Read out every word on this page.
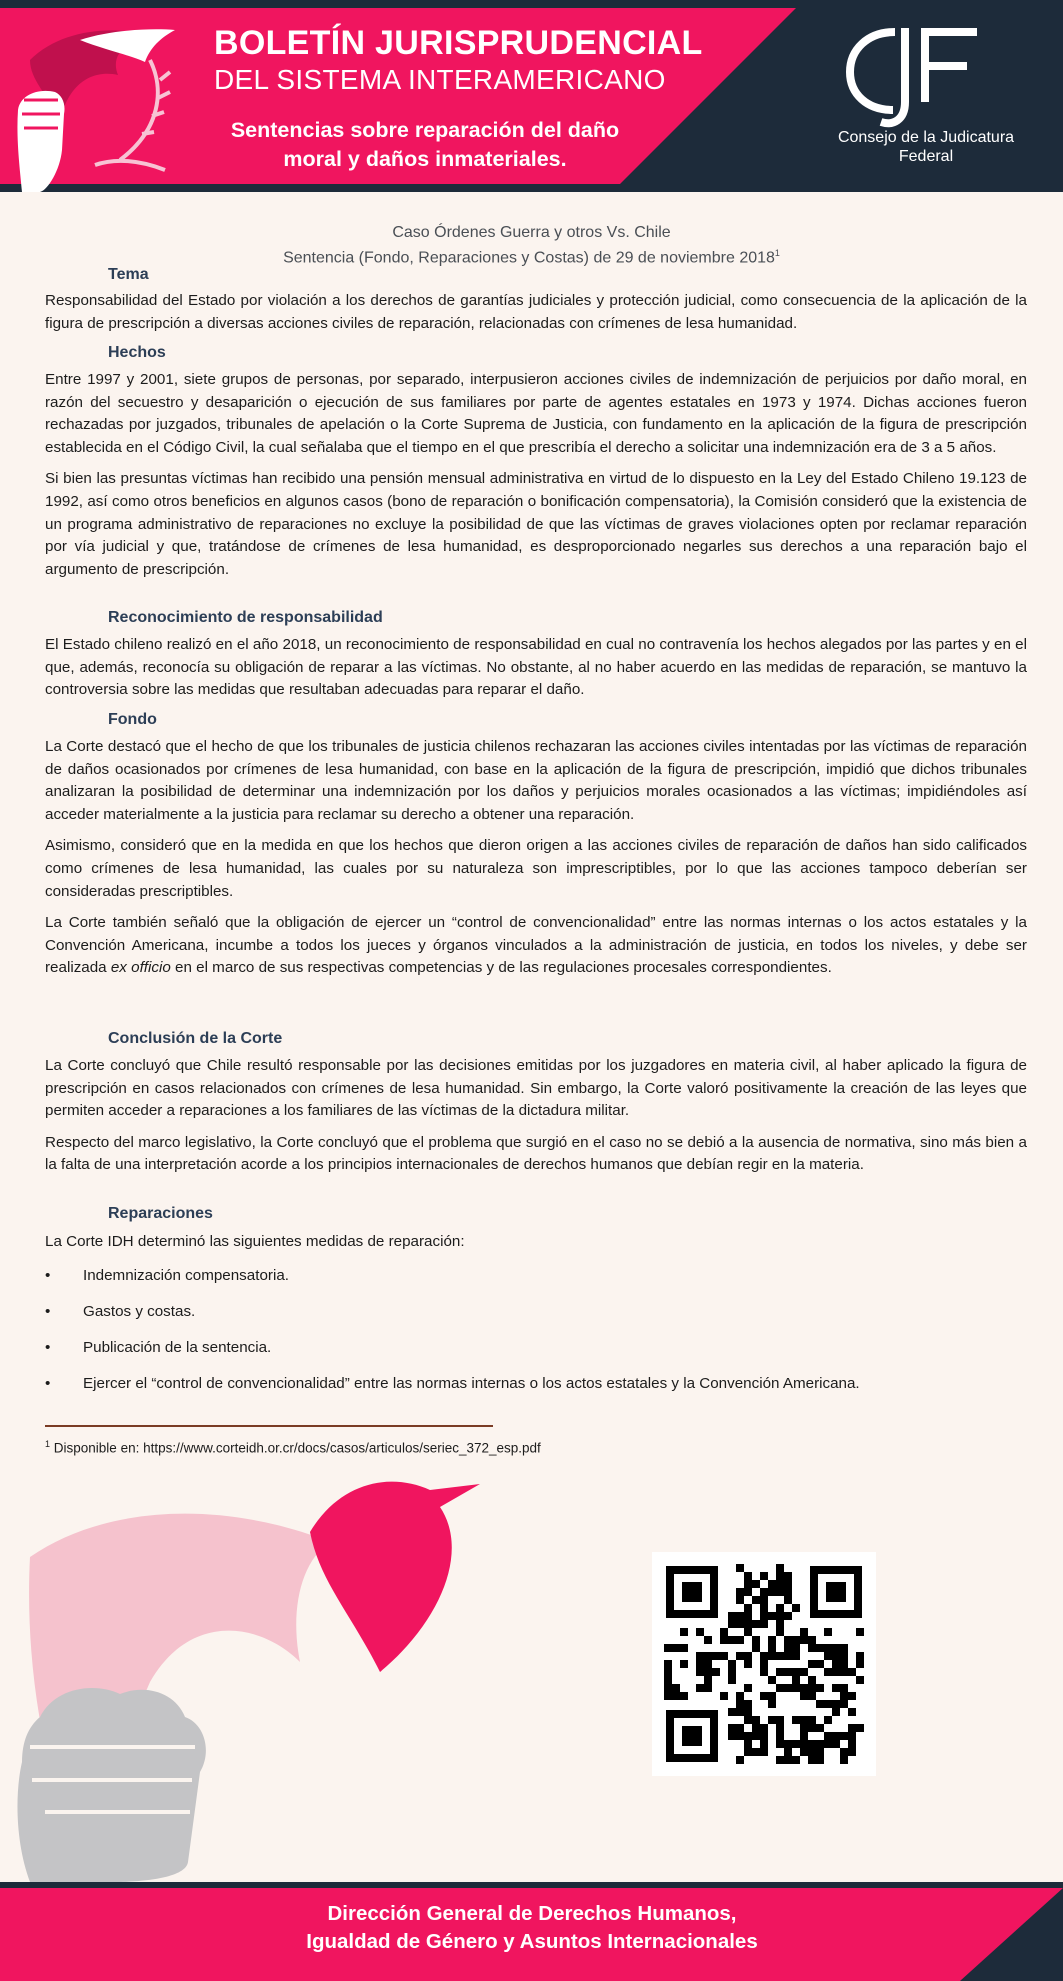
BOLETÍN JURISPRUDENCIAL
DEL SISTEMA INTERAMERICANO
Sentencias sobre reparación del daño moral y daños inmateriales.
CJF
Consejo de la Judicatura Federal
Caso Órdenes Guerra y otros Vs. Chile
Sentencia (Fondo, Reparaciones y Costas) de 29 de noviembre 2018$^1$
Tema

Responsabilidad del Estado por violación a los derechos de garantías judiciales y protección judicial, como consecuencia de la aplicación de la figura de prescripción a diversas acciones civiles de reparación, relacionadas con crímenes de lesa humanidad.

Hechos

Entre 1997 y 2001, siete grupos de personas, por separado, interpusieron acciones civiles de indemnización de perjuicios por daño moral, en razón del secuestro y desaparición o ejecución de sus familiares por parte de agentes estatales en 1973 y 1974. Dichas acciones fueron rechazadas por juzgados, tribunales de apelación o la Corte Suprema de Justicia, con fundamento en la aplicación de la figura de prescripción establecida en el Código Civil, la cual señalaba que el tiempo en el que prescribía el derecho a solicitar una indemnización era de 3 a 5 años.

Si bien las presuntas víctimas han recibido una pensión mensual administrativa en virtud de lo dispuesto en la Ley del Estado Chileno 19.123 de 1992, así como otros beneficios en algunos casos (bono de reparación o bonificación compensatoria), la Comisión consideró que la existencia de un programa administrativo de reparaciones no excluye la posibilidad de que las víctimas de graves violaciones opten por reclamar reparación por vía judicial y que, tratándose de crímenes de lesa humanidad, es desproporcionado negarles sus derechos a una reparación bajo el argumento de prescripción.

Reconocimiento de responsabilidad

El Estado chileno realizó en el año 2018, un reconocimiento de responsabilidad en cual no contravenía los hechos alegados por las partes y en el que, además, reconocía su obligación de reparar a las víctimas. No obstante, al no haber acuerdo en las medidas de reparación, se mantuvo la controversia sobre las medidas que resultaban adecuadas para reparar el daño.

Fondo

La Corte destacó que el hecho de que los tribunales de justicia chilenos rechazaran las acciones civiles intentadas por las víctimas de reparación de daños ocasionados por crímenes de lesa humanidad, con base en la aplicación de la figura de prescripción, impidió que dichos tribunales analizaran la posibilidad de determinar una indemnización por los daños y perjuicios morales ocasionados a las víctimas; impidiéndoles así acceder materialmente a la justicia para reclamar su derecho a obtener una reparación.

Asimismo, consideró que en la medida en que los hechos que dieron origen a las acciones civiles de reparación de daños han sido calificados como crímenes de lesa humanidad, las cuales por su naturaleza son imprescriptibles, por lo que las acciones tampoco deberían ser consideradas prescriptibles.

La Corte también señaló que la obligación de ejercer un “control de convencionalidad” entre las normas internas o los actos estatales y la Convención Americana, incumbe a todos los jueces y órganos vinculados a la administración de justicia, en todos los niveles, y debe ser realizada ex officio en el marco de sus respectivas competencias y de las regulaciones procesales correspondientes.

Conclusión de la Corte

La Corte concluyó que Chile resultó responsable por las decisiones emitidas por los juzgadores en materia civil, al haber aplicado la figura de prescripción en casos relacionados con crímenes de lesa humanidad. Sin embargo, la Corte valoró positivamente la creación de las leyes que permiten acceder a reparaciones a los familiares de las víctimas de la dictadura militar.

Respecto del marco legislativo, la Corte concluyó que el problema que surgió en el caso no se debió a la ausencia de normativa, sino más bien a la falta de una interpretación acorde a los principios internacionales de derechos humanos que debían regir en la materia.

Reparaciones

La Corte IDH determinó las siguientes medidas de reparación:

• Indemnización compensatoria.
• Gastos y costas.
• Publicación de la sentencia.
• Ejercer el “control de convencionalidad” entre las normas internas o los actos estatales y la Convención Americana.
$^1$ Disponible en: https://www.corteidh.or.cr/docs/casos/articulos/seriec_372_esp.pdf
Dirección General de Derechos Humanos,
Igualdad de Género y Asuntos Internacionales
